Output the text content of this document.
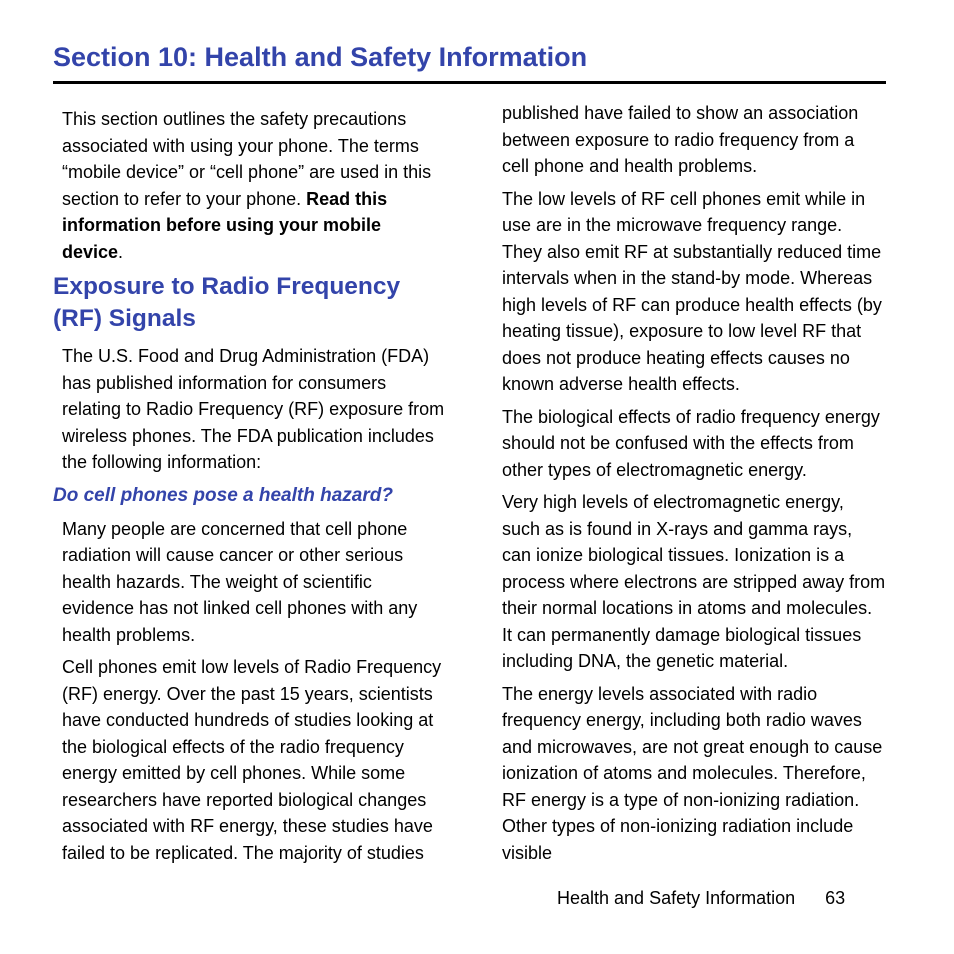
Section 10: Health and Safety Information

This section outlines the safety precautions associated with using your phone. The terms “mobile device” or “cell phone” are used in this section to refer to your phone. Read this information before using your mobile device.

Exposure to Radio Frequency (RF) Signals

The U.S. Food and Drug Administration (FDA) has published information for consumers relating to Radio Frequency (RF) exposure from wireless phones. The FDA publication includes the following information:

Do cell phones pose a health hazard?

Many people are concerned that cell phone radiation will cause cancer or other serious health hazards. The weight of scientific evidence has not linked cell phones with any health problems.

Cell phones emit low levels of Radio Frequency (RF) energy. Over the past 15 years, scientists have conducted hundreds of studies looking at the biological effects of the radio frequency energy emitted by cell phones. While some researchers have reported biological changes associated with RF energy, these studies have failed to be replicated. The majority of studies

published have failed to show an association between exposure to radio frequency from a cell phone and health problems.

The low levels of RF cell phones emit while in use are in the microwave frequency range. They also emit RF at substantially reduced time intervals when in the stand-by mode. Whereas high levels of RF can produce health effects (by heating tissue), exposure to low level RF that does not produce heating effects causes no known adverse health effects.

The biological effects of radio frequency energy should not be confused with the effects from other types of electromagnetic energy.

Very high levels of electromagnetic energy, such as is found in X-rays and gamma rays, can ionize biological tissues. Ionization is a process where electrons are stripped away from their normal locations in atoms and molecules. It can permanently damage biological tissues including DNA, the genetic material.

The energy levels associated with radio frequency energy, including both radio waves and microwaves, are not great enough to cause ionization of atoms and molecules. Therefore, RF energy is a type of non-ionizing radiation. Other types of non-ionizing radiation include visible

Health and Safety Information 63
